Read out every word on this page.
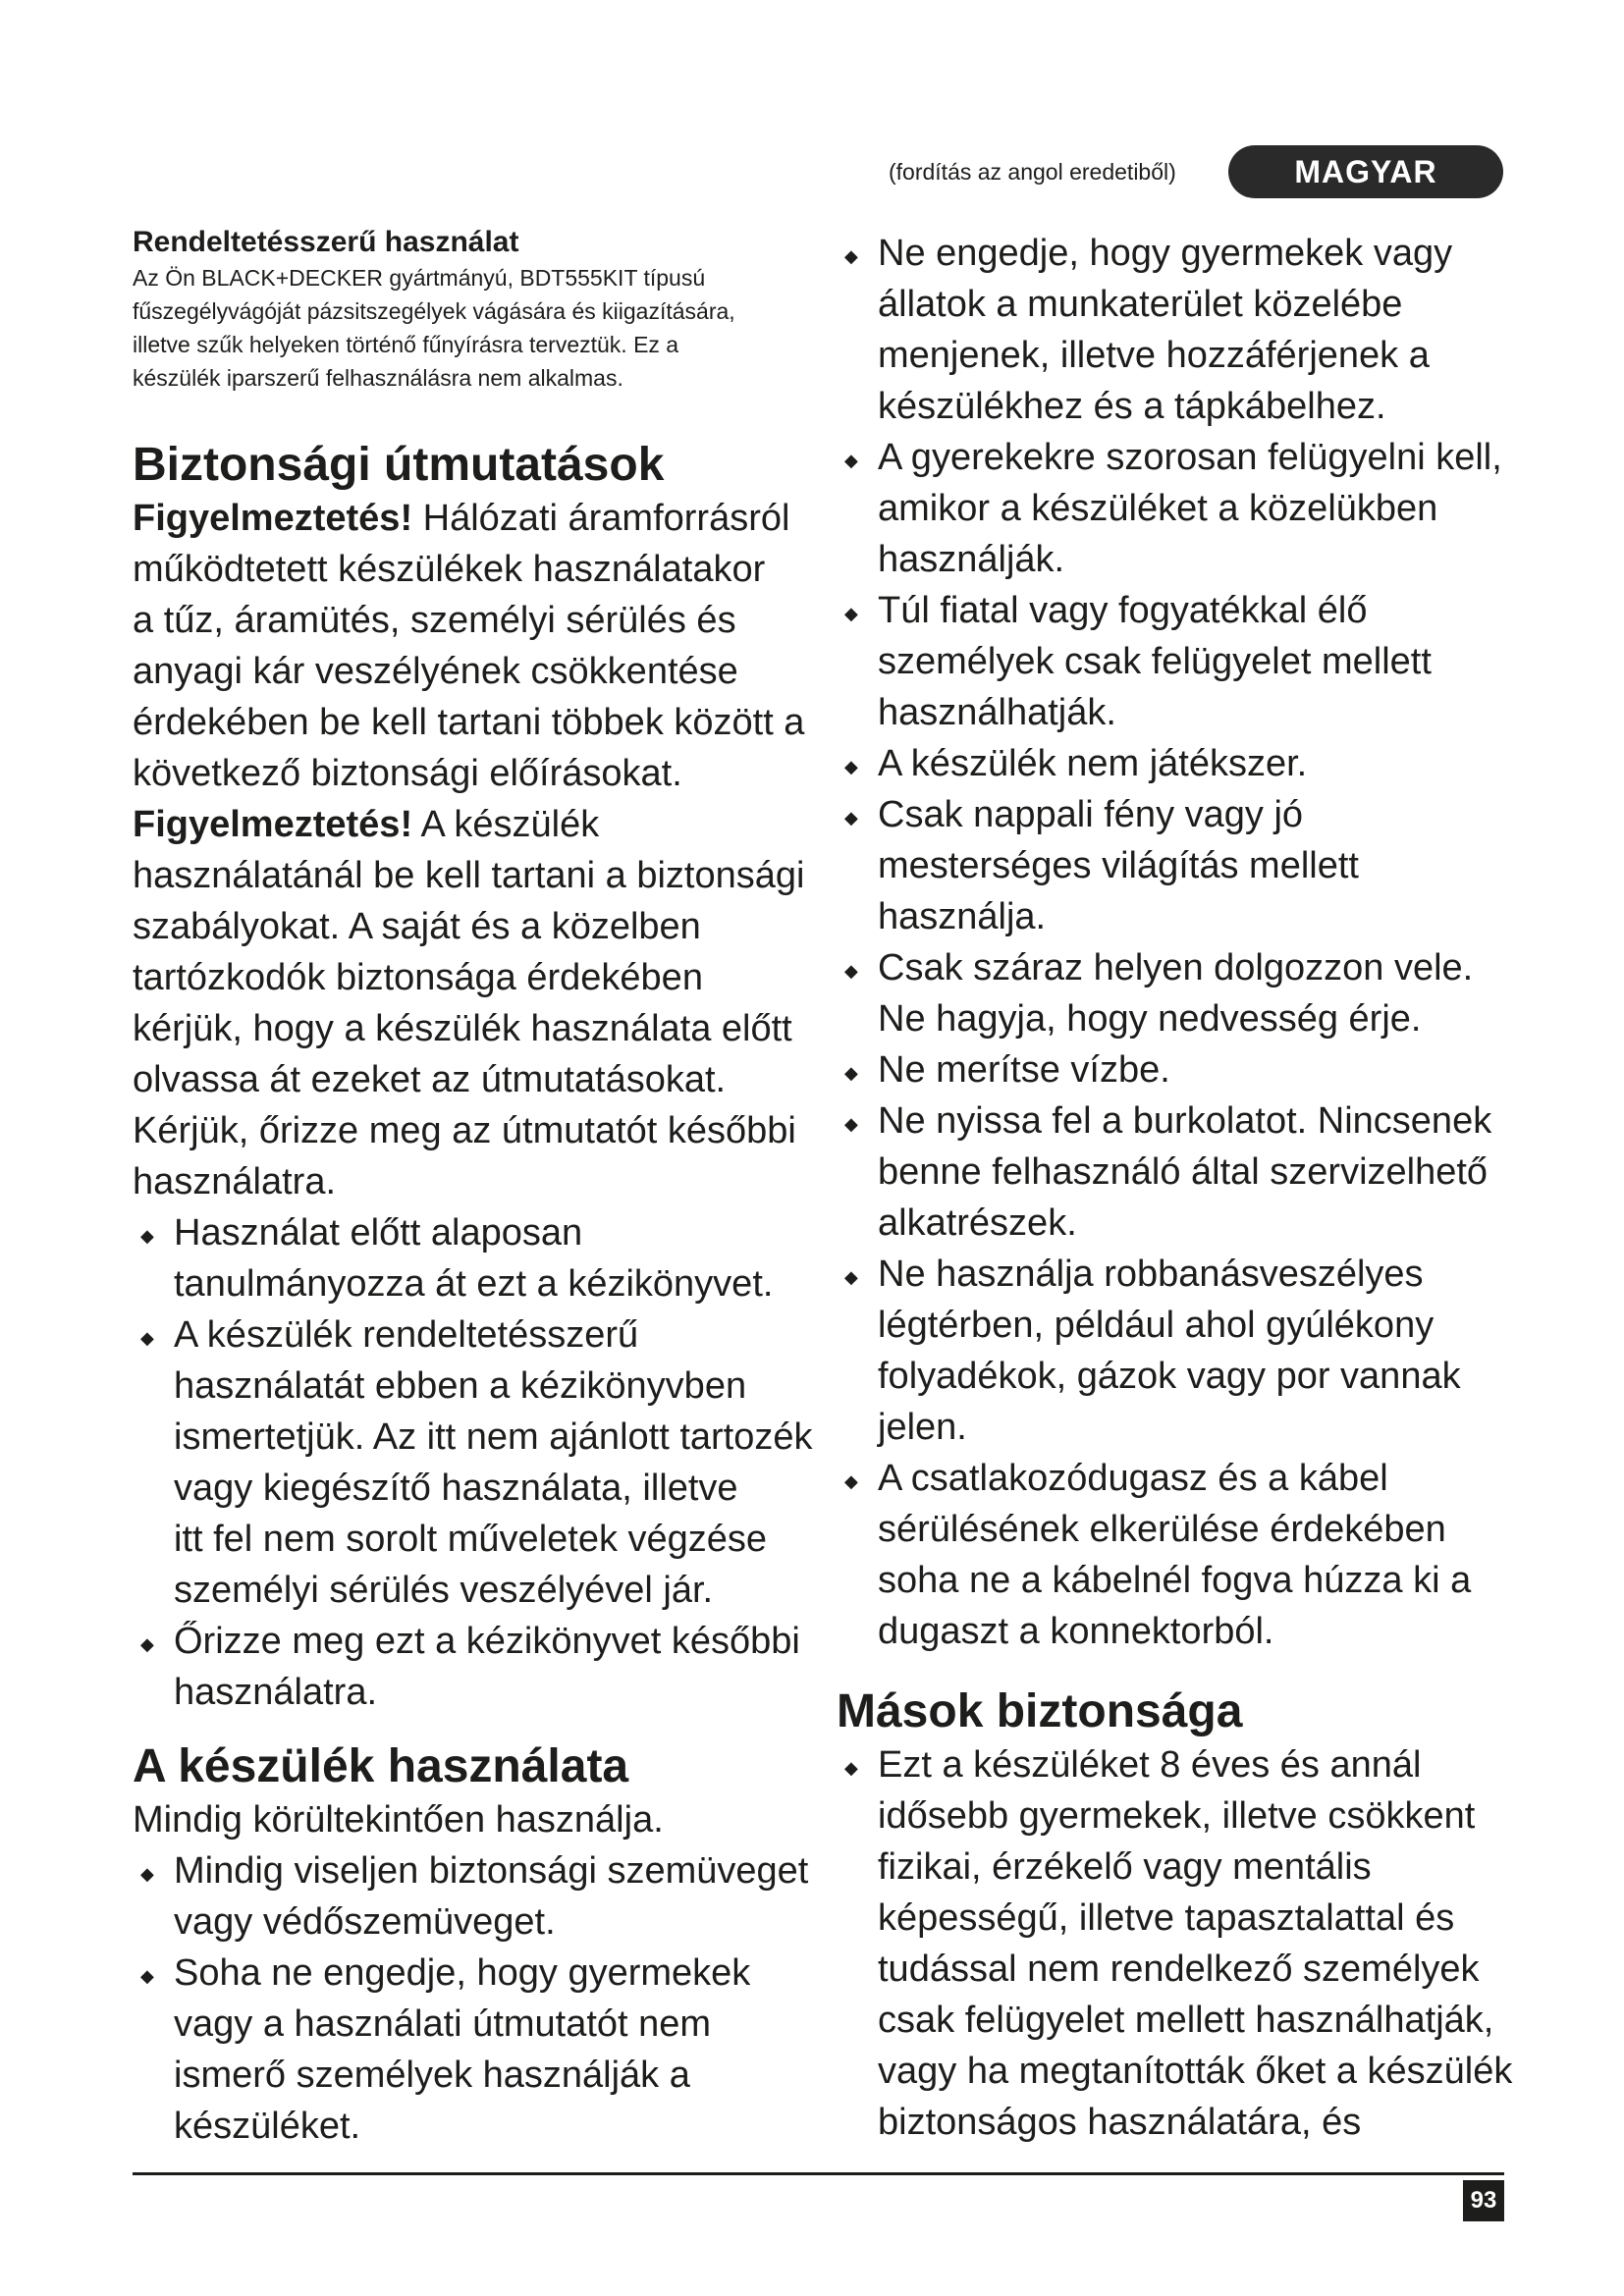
(fordítás az angol eredetiből)	MAGYAR
Rendeltetésszerű használat
Az Ön BLACK+DECKER gyártmányú, BDT555KIT típusú
fűszegélyvágóját pázsitszegélyek vágására és kiigazítására,
illetve szűk helyeken történő fűnyírásra terveztük. Ez a
készülék iparszerű felhasználásra nem alkalmas.
Biztonsági útmutatások
Figyelmeztetés! Hálózati áramforrásról
működtetett készülékek használatakor
a tűz, áramütés, személyi sérülés és
anyagi kár veszélyének csökkentése
érdekében be kell tartani többek között a
következő biztonsági előírásokat.
Figyelmeztetés! A készülék
használatánál be kell tartani a biztonsági
szabályokat. A saját és a közelben
tartózkodók biztonsága érdekében
kérjük, hogy a készülék használata előtt
olvassa át ezeket az útmutatásokat.
Kérjük, őrizze meg az útmutatót későbbi
használatra.
◆ Használat előtt alaposan
tanulmányozza át ezt a kézikönyvet.
◆ A készülék rendeltetésszerű
használatát ebben a kézikönyvben
ismertetjük. Az itt nem ajánlott tartozék
vagy kiegészítő használata, illetve
itt fel nem sorolt műveletek végzése
személyi sérülés veszélyével jár.
◆ Őrizze meg ezt a kézikönyvet későbbi
használatra.
A készülék használata
Mindig körültekintően használja.
◆ Mindig viseljen biztonsági szemüveget
vagy védőszemüveget.
◆ Soha ne engedje, hogy gyermekek
vagy a használati útmutatót nem
ismerő személyek használják a
készüléket.
◆ Ne engedje, hogy gyermekek vagy
állatok a munkaterület közelébe
menjenek, illetve hozzáférjenek a
készülékhez és a tápkábelhez.
◆ A gyerekekre szorosan felügyelni kell,
amikor a készüléket a közelükben
használják.
◆ Túl fiatal vagy fogyatékkal élő
személyek csak felügyelet mellett
használhatják.
◆ A készülék nem játékszer.
◆ Csak nappali fény vagy jó
mesterséges világítás mellett
használja.
◆ Csak száraz helyen dolgozzon vele.
Ne hagyja, hogy nedvesség érje.
◆ Ne merítse vízbe.
◆ Ne nyissa fel a burkolatot. Nincsenek
benne felhasználó által szervizelhető
alkatrészek.
◆ Ne használja robbanásveszélyes
légtérben, például ahol gyúlékony
folyadékok, gázok vagy por vannak
jelen.
◆ A csatlakozódugasz és a kábel
sérülésének elkerülése érdekében
soha ne a kábelnél fogva húzza ki a
dugaszt a konnektorból.
Mások biztonsága
◆ Ezt a készüléket 8 éves és annál
idősebb gyermekek, illetve csökkent
fizikai, érzékelő vagy mentális
képességű, illetve tapasztalattal és
tudással nem rendelkező személyek
csak felügyelet mellett használhatják,
vagy ha megtanították őket a készülék
biztonságos használatára, és
93
